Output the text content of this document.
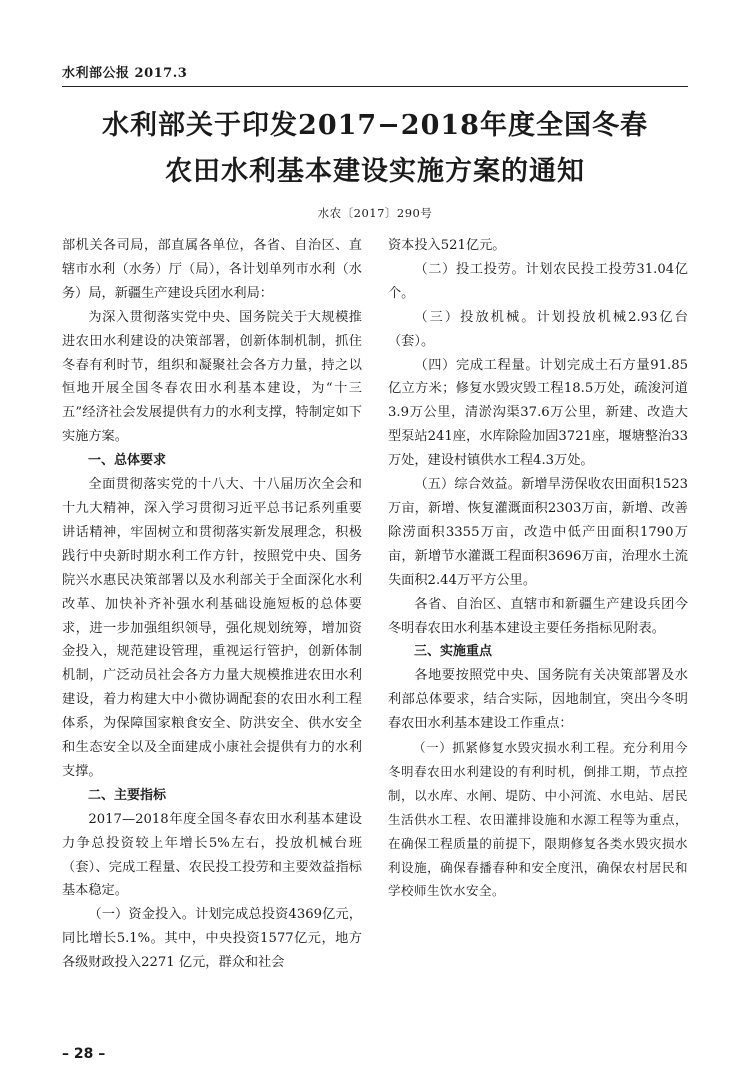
水利部公报 2017.3
水利部关于印发2017−2018年度全国冬春
农田水利基本建设实施方案的通知
水农〔2017〕290号

部机关各司局，部直属各单位，各省、自治区、直辖市水利（水务）厅（局），各计划单列市水利（水务）局，新疆生产建设兵团水利局：

为深入贯彻落实党中央、国务院关于大规模推进农田水利建设的决策部署，创新体制机制，抓住冬春有利时节，组织和凝聚社会各方力量，持之以恒地开展全国冬春农田水利基本建设，为“十三五”经济社会发展提供有力的水利支撑，特制定如下实施方案。

一、总体要求

全面贯彻落实党的十八大、十八届历次全会和十九大精神，深入学习贯彻习近平总书记系列重要讲话精神，牢固树立和贯彻落实新发展理念，积极践行中央新时期水利工作方针，按照党中央、国务院兴水惠民决策部署以及水利部关于全面深化水利改革、加快补齐补强水利基础设施短板的总体要求，进一步加强组织领导，强化规划统筹，增加资金投入，规范建设管理，重视运行管护，创新体制机制，广泛动员社会各方力量大规模推进农田水利建设，着力构建大中小微协调配套的农田水利工程体系，为保障国家粮食安全、防洪安全、供水安全和生态安全以及全面建成小康社会提供有力的水利支撑。

二、主要指标

2017—2018年度全国冬春农田水利基本建设力争总投资较上年增长5%左右，投放机械台班（套）、完成工程量、农民投工投劳和主要效益指标基本稳定。

（一）资金投入。计划完成总投资4369亿元，同比增长5.1%。其中，中央投资1577亿元，地方各级财政投入2271 亿元，群众和社会

资本投入521亿元。

（二）投工投劳。计划农民投工投劳31.04亿个。

（三）投放机械。计划投放机械2.93亿台（套）。

（四）完成工程量。计划完成土石方量91.85亿立方米；修复水毁灾毁工程18.5万处，疏浚河道3.9万公里，清淤沟渠37.6万公里，新建、改造大型泵站241座，水库除险加固3721座，堰塘整治33万处，建设村镇供水工程4.3万处。

（五）综合效益。新增旱涝保收农田面积1523万亩，新增、恢复灌溉面积2303万亩，新增、改善除涝面积3355万亩，改造中低产田面积1790万亩，新增节水灌溉工程面积3696万亩，治理水土流失面积2.44万平方公里。

各省、自治区、直辖市和新疆生产建设兵团今冬明春农田水利基本建设主要任务指标见附表。

三、实施重点

各地要按照党中央、国务院有关决策部署及水利部总体要求，结合实际，因地制宜，突出今冬明春农田水利基本建设工作重点：

（一）抓紧修复水毁灾损水利工程。充分利用今冬明春农田水利建设的有利时机，倒排工期，节点控制，以水库、水闸、堤防、中小河流、水电站、居民生活供水工程、农田灌排设施和水源工程等为重点，在确保工程质量的前提下，限期修复各类水毁灾损水利设施，确保春播春种和安全度汛，确保农村居民和学校师生饮水安全。

– 28 –
